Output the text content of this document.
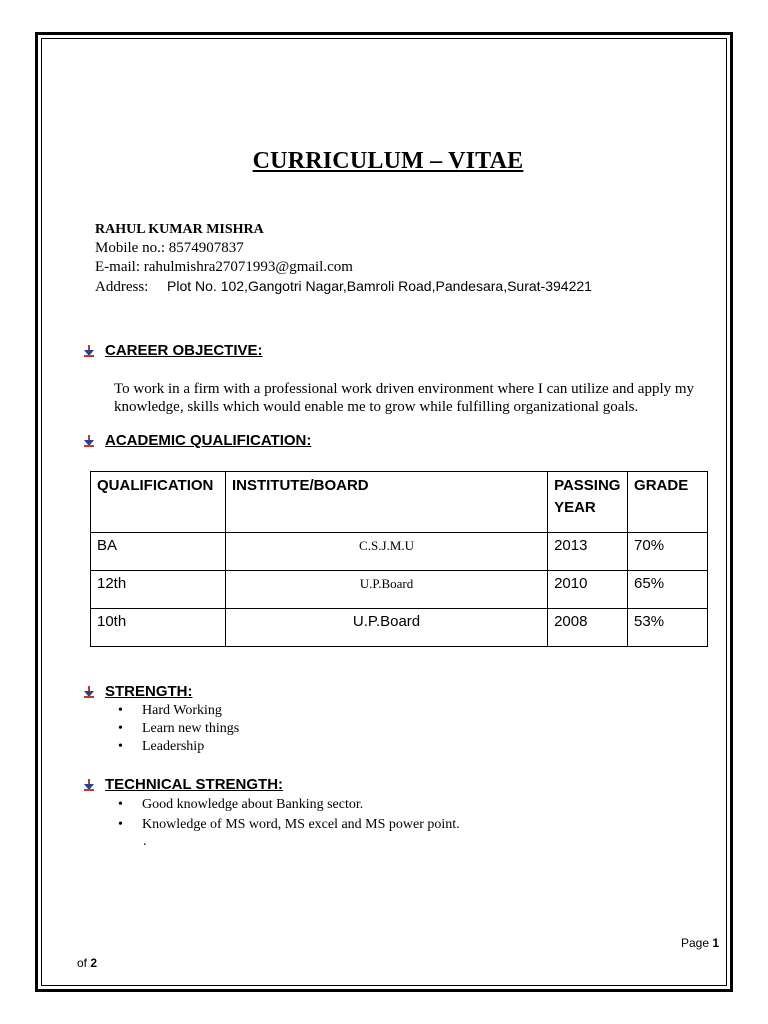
CURRICULUM – VITAE
RAHUL KUMAR MISHRA
Mobile no.: 8574907837
E-mail: rahulmishra27071993@gmail.com
Address: Plot No. 102,Gangotri Nagar,Bamroli Road,Pandesara,Surat-394221
CAREER OBJECTIVE:
To work in a firm with a professional work driven environment where I can utilize and apply my knowledge, skills which would enable me to grow while fulfilling organizational goals.
ACADEMIC QUALIFICATION:
QUALIFICATION	INSTITUTE/BOARD	PASSING YEAR	GRADE
BA	C.S.J.M.U	2013	70%
12th	U.P.Board	2010	65%
10th	U.P.Board	2008	53%
STRENGTH:
• Hard Working
• Learn new things
• Leadership
TECHNICAL STRENGTH:
• Good knowledge about Banking sector.
• Knowledge of MS word, MS excel and MS power point.
.
Page 1
of 2
